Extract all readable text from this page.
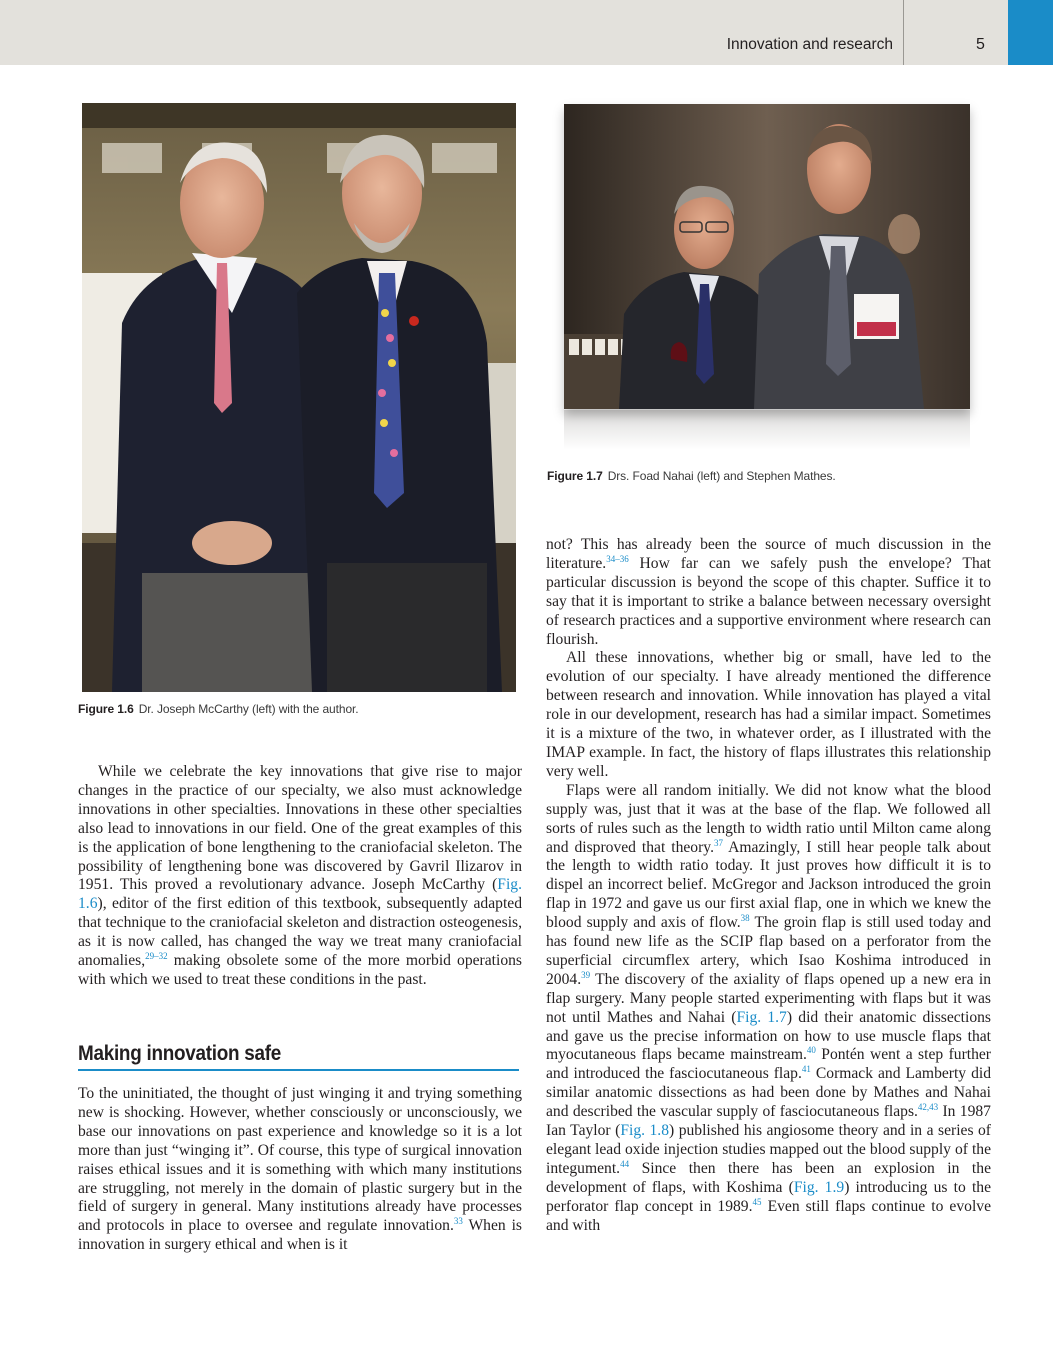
Innovation and research	5
Figure 1.7 Drs. Foad Nahai (left) and Stephen Mathes.
Figure 1.6 Dr. Joseph McCarthy (left) with the author.

While we celebrate the key innovations that give rise to major changes in the practice of our specialty, we also must acknowledge innovations in other specialties. Innovations in these other specialties also lead to innovations in our field. One of the great examples of this is the application of bone lengthening to the craniofacial skeleton. The possibility of lengthening bone was discovered by Gavril Ilizarov in 1951. This proved a revolutionary advance. Joseph McCarthy (Fig. 1.6), editor of the first edition of this textbook, subsequently adapted that technique to the craniofacial skeleton and distraction osteogenesis, as it is now called, has changed the way we treat many craniofacial anomalies,$^{29-32}$ making obsolete some of the more morbid operations with which we used to treat these conditions in the past.

Making innovation safe

To the uninitiated, the thought of just winging it and trying something new is shocking. However, whether consciously or unconsciously, we base our innovations on past experience and knowledge so it is a lot more than just “winging it”. Of course, this type of surgical innovation raises ethical issues and it is something with which many institutions are struggling, not merely in the domain of plastic surgery but in the field of surgery in general. Many institutions already have processes and protocols in place to oversee and regulate innovation.$^{33}$ When is innovation in surgery ethical and when is it

not? This has already been the source of much discussion in the literature.$^{34-36}$ How far can we safely push the envelope? That particular discussion is beyond the scope of this chapter. Suffice it to say that it is important to strike a balance between necessary oversight of research practices and a supportive environment where research can flourish.

All these innovations, whether big or small, have led to the evolution of our specialty. I have already mentioned the difference between research and innovation. While innovation has played a vital role in our development, research has had a similar impact. Sometimes it is a mixture of the two, in whatever order, as I illustrated with the IMAP example. In fact, the history of flaps illustrates this relationship very well.

Flaps were all random initially. We did not know what the blood supply was, just that it was at the base of the flap. We followed all sorts of rules such as the length to width ratio until Milton came along and disproved that theory.$^{37}$ Amazingly, I still hear people talk about the length to width ratio today. It just proves how difficult it is to dispel an incorrect belief. McGregor and Jackson introduced the groin flap in 1972 and gave us our first axial flap, one in which we knew the blood supply and axis of flow.$^{38}$ The groin flap is still used today and has found new life as the SCIP flap based on a perforator from the superficial circumflex artery, which Isao Koshima introduced in 2004.39 The discovery of the axiality of flaps opened up a new era in flap surgery. Many people started experimenting with flaps but it was not until Mathes and Nahai (Fig. 1.7) did their anatomic dissections and gave us the precise information on how to use muscle flaps that myocutaneous flaps became mainstream.$^{40}$ Pontén went a step further and introduced the fasciocutaneous flap.$^{41}$ Cormack and Lamberty did similar anatomic dissections as had been done by Mathes and Nahai and described the vascular supply of fasciocutaneous flaps.$^{42,43}$ In 1987 Ian Taylor (Fig. 1.8) published his angiosome theory and in a series of elegant lead oxide injection studies mapped out the blood supply of the integument.$^{44}$ Since then there has been an explosion in the development of flaps, with Koshima (Fig. 1.9) introducing us to the perforator flap concept in 1989.45 Even still flaps continue to evolve and with
